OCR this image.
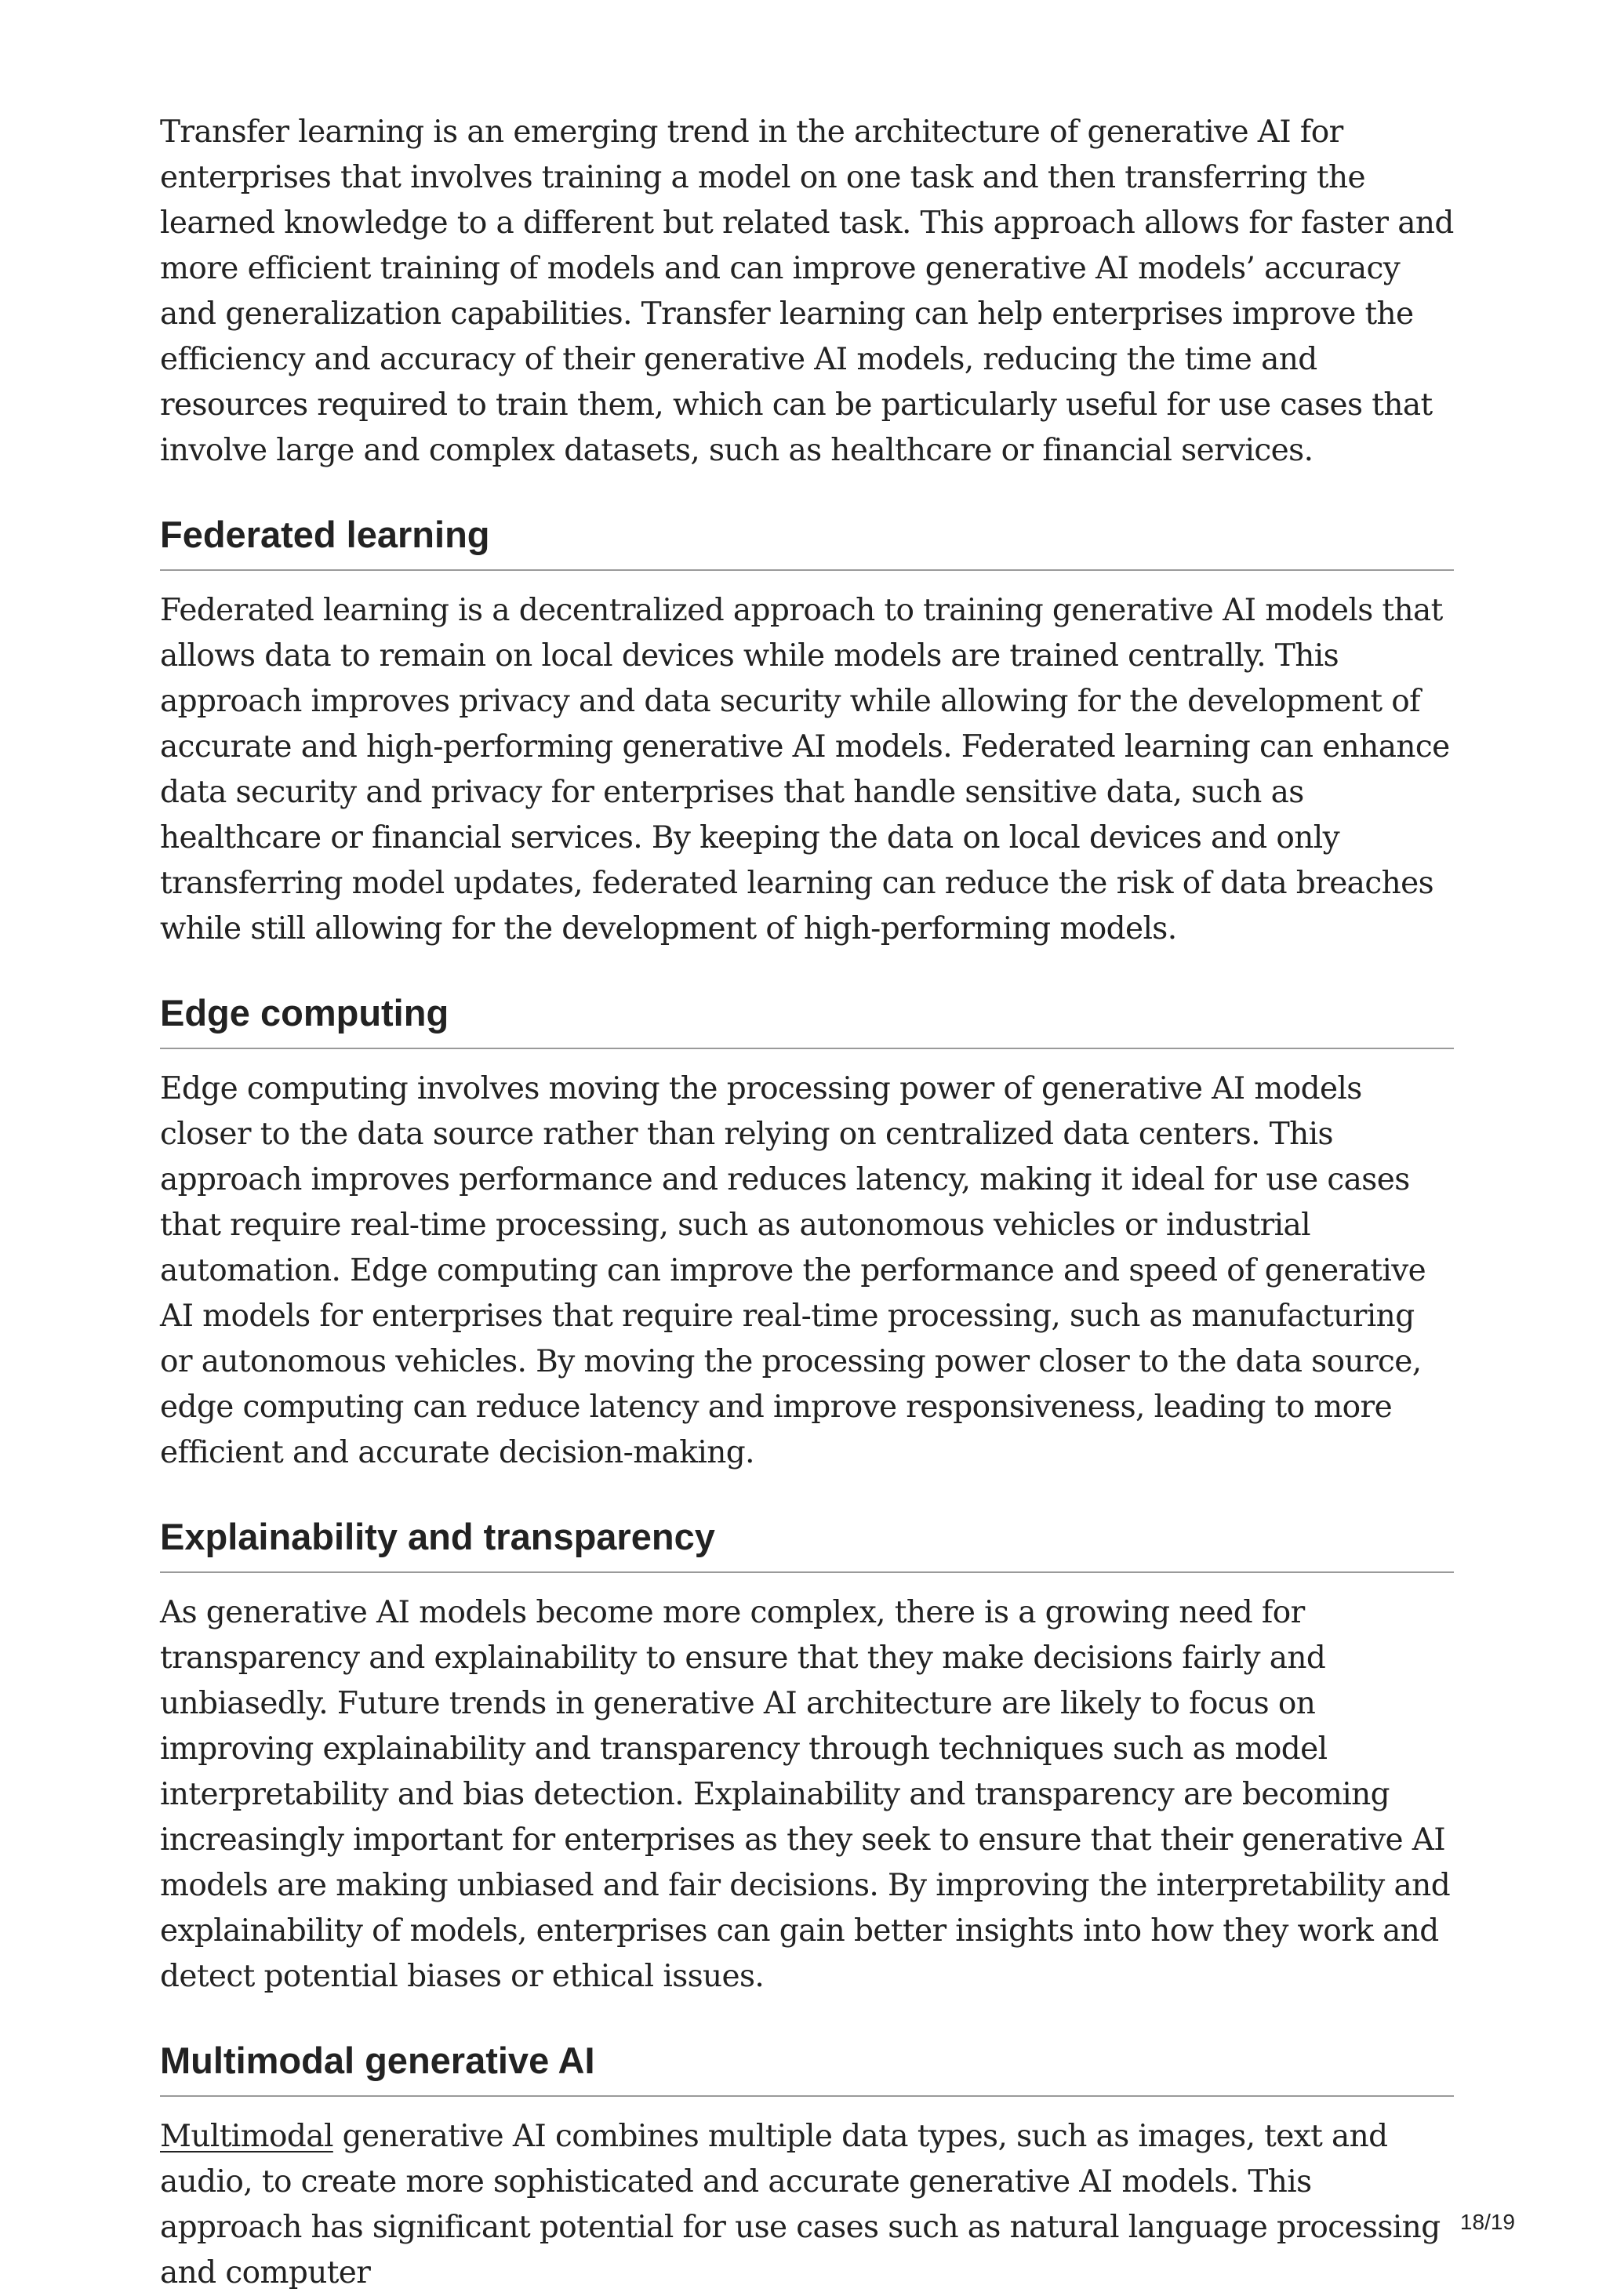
Transfer learning is an emerging trend in the architecture of generative AI for enterprises that involves training a model on one task and then transferring the learned knowledge to a different but related task. This approach allows for faster and more efficient training of models and can improve generative AI models’ accuracy and generalization capabilities. Transfer learning can help enterprises improve the efficiency and accuracy of their generative AI models, reducing the time and resources required to train them, which can be particularly useful for use cases that involve large and complex datasets, such as healthcare or financial services.

Federated learning

Federated learning is a decentralized approach to training generative AI models that allows data to remain on local devices while models are trained centrally. This approach improves privacy and data security while allowing for the development of accurate and high-performing generative AI models. Federated learning can enhance data security and privacy for enterprises that handle sensitive data, such as healthcare or financial services. By keeping the data on local devices and only transferring model updates, federated learning can reduce the risk of data breaches while still allowing for the development of high-performing models.

Edge computing

Edge computing involves moving the processing power of generative AI models closer to the data source rather than relying on centralized data centers. This approach improves performance and reduces latency, making it ideal for use cases that require real-time processing, such as autonomous vehicles or industrial automation. Edge computing can improve the performance and speed of generative AI models for enterprises that require real-time processing, such as manufacturing or autonomous vehicles. By moving the processing power closer to the data source, edge computing can reduce latency and improve responsiveness, leading to more efficient and accurate decision-making.

Explainability and transparency

As generative AI models become more complex, there is a growing need for transparency and explainability to ensure that they make decisions fairly and unbiasedly. Future trends in generative AI architecture are likely to focus on improving explainability and transparency through techniques such as model interpretability and bias detection. Explainability and transparency are becoming increasingly important for enterprises as they seek to ensure that their generative AI models are making unbiased and fair decisions. By improving the interpretability and explainability of models, enterprises can gain better insights into how they work and detect potential biases or ethical issues.

Multimodal generative AI

Multimodal generative AI combines multiple data types, such as images, text and audio, to create more sophisticated and accurate generative AI models. This approach has significant potential for use cases such as natural language processing and computer

18/19
